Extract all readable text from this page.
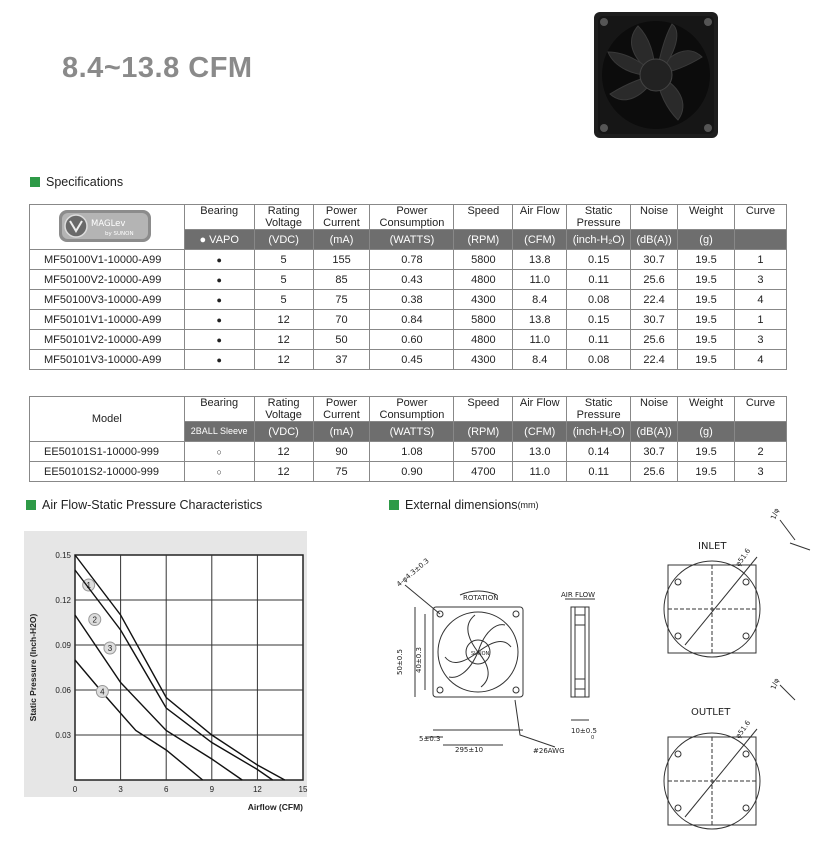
8.4~13.8 CFM
Specifications
MAGLev
by SUNON	Bearing	Rating Voltage	Power Current	Power Consumption	Speed	Air Flow	Static Pressure	Noise	Weight	Curve
	● VAPO	(VDC)	(mA)	(WATTS)	(RPM)	(CFM)	(inch-H₂O)	(dB(A))	(g)	
MF50100V1-10000-A99	●	5	155	0.78	5800	13.8	0.15	30.7	19.5	1
MF50100V2-10000-A99	●	5	85	0.43	4800	11.0	0.11	25.6	19.5	3
MF50100V3-10000-A99	●	5	75	0.38	4300	8.4	0.08	22.4	19.5	4
MF50101V1-10000-A99	●	12	70	0.84	5800	13.8	0.15	30.7	19.5	1
MF50101V2-10000-A99	●	12	50	0.60	4800	11.0	0.11	25.6	19.5	3
MF50101V3-10000-A99	●	12	37	0.45	4300	8.4	0.08	22.4	19.5	4
Model	Bearing	Rating Voltage	Power Current	Power Consumption	Speed	Air Flow	Static Pressure	Noise	Weight	Curve
	2BALL Sleeve	(VDC)	(mA)	(WATTS)	(RPM)	(CFM)	(inch-H₂O)	(dB(A))	(g)	
EE50101S1-10000-999	○	12	90	1.08	5700	13.0	0.14	30.7	19.5	2
EE50101S2-10000-999	○	12	75	0.90	4700	11.0	0.11	25.6	19.5	3
Air Flow-Static Pressure Characteristics	External dimensions (mm)
0	3	6	9	12	15
0.15
0.12
0.09
0.06
0.03
Airflow (CFM)
Static Pressure (Inch-H2O)
1
2
3
4
4-φ4.3±0.3
ROTATION
SUNON
50±0.5 40±0.3
AIR FLOW
10±0.5
0
5±0.3
295±10	#26AWG
INLET
OUTLET
φ51.6
φ51.6
1/φ
1/φ
